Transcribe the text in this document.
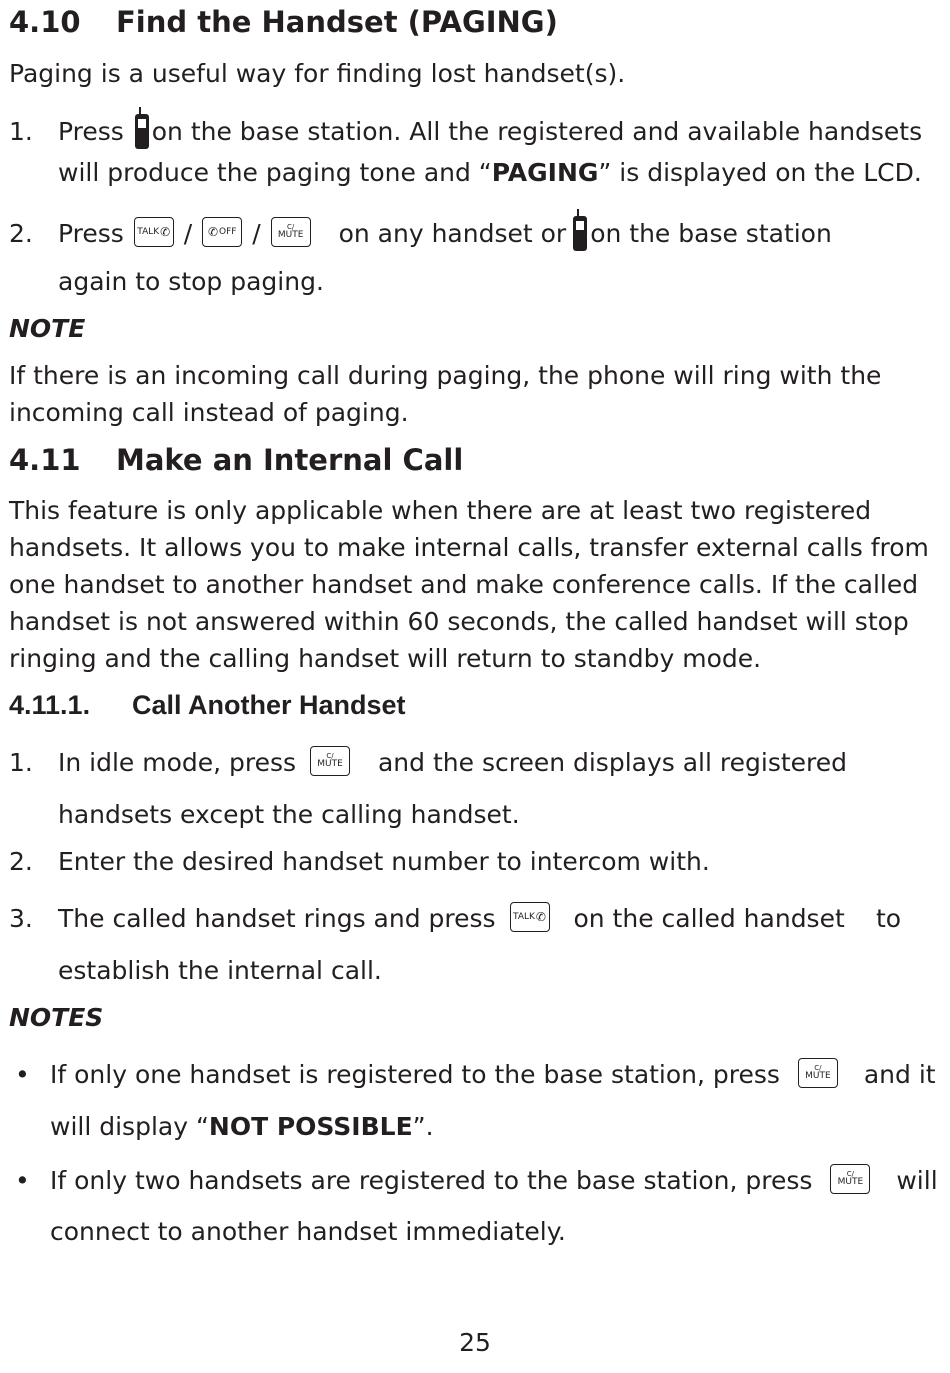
4.10 Find the Handset (PAGING)
Paging is a useful way for finding lost handset(s).
1. Press on the base station. All the registered and available handsets
will produce the paging tone and “PAGING” is displayed on the LCD.
2. Press TALK ✆ / ✆ OFF /	C/
MUTE on any handset or on the base station
again to stop paging.
NOTE
If there is an incoming call during paging, the phone will ring with the
incoming call instead of paging.
4.11 Make an Internal Call
This feature is only applicable when there are at least two registered
handsets. It allows you to make internal calls, transfer external calls from
one handset to another handset and make conference calls. If the called
handset is not answered within 60 seconds, the called handset will stop
ringing and the calling handset will return to standby mode.
4.11.1. Call Another Handset
1. In idle mode, press	C/
MUTE and the screen displays all registered
handsets except the calling handset.
2. Enter the desired handset number to intercom with.
3. The called handset rings and press TALK ✆ on the called handset to
establish the internal call.
NOTES
• If only one handset is registered to the base station, press	C/
MUTE and it
will display “NOT POSSIBLE”.
• If only two handsets are registered to the base station, press	C/
MUTE will
connect to another handset immediately.
25
